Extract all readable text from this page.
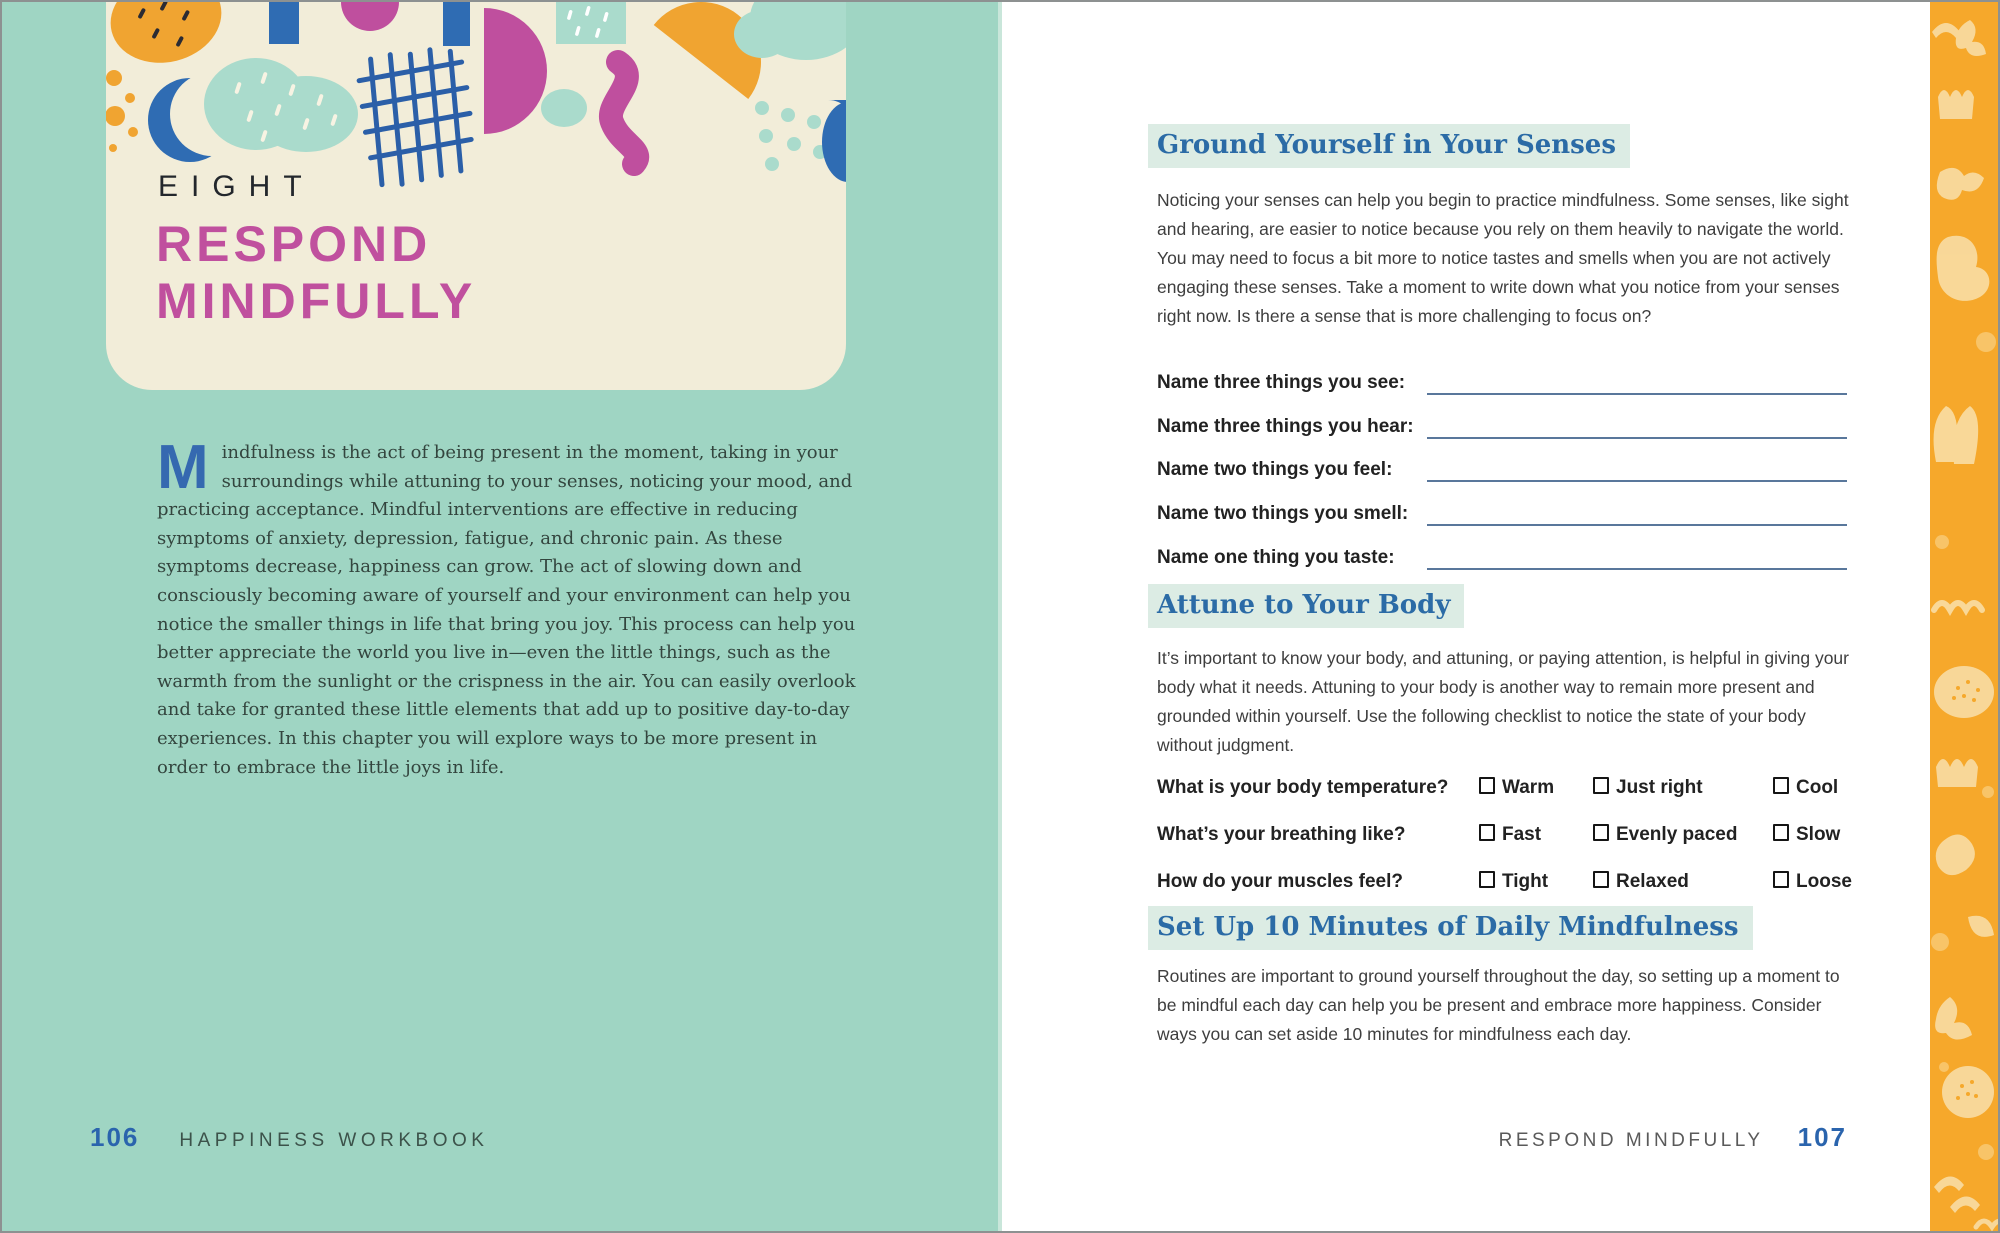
EIGHT
RESPOND
MINDFULLY
Mindfulness is the act of being present in the moment, taking in your surroundings while attuning to your senses, noticing your mood, and practicing acceptance. Mindful interventions are effective in reducing symptoms of anxiety, depression, fatigue, and chronic pain. As these symptoms decrease, happiness can grow. The act of slowing down and consciously becoming aware of yourself and your environment can help you notice the smaller things in life that bring you joy. This process can help you better appreciate the world you live in—even the little things, such as the warmth from the sunlight or the crispness in the air. You can easily overlook and take for granted these little elements that add up to positive day-to-day experiences. In this chapter you will explore ways to be more present in order to embrace the little joys in life.
106 HAPPINESS WORKBOOK
Ground Yourself in Your Senses
Noticing your senses can help you begin to practice mindfulness. Some senses, like sight and hearing, are easier to notice because you rely on them heavily to navigate the world. You may need to focus a bit more to notice tastes and smells when you are not actively engaging these senses. Take a moment to write down what you notice from your senses right now. Is there a sense that is more challenging to focus on?
Name three things you see:
Name three things you hear:
Name two things you feel:
Name two things you smell:
Name one thing you taste:
Attune to Your Body
It’s important to know your body, and attuning, or paying attention, is helpful in giving your body what it needs. Attuning to your body is another way to remain more present and grounded within yourself. Use the following checklist to notice the state of your body without judgment.
What is your body temperature?	Warm	Just right	Cool
What’s your breathing like?	Fast	Evenly paced	Slow
How do your muscles feel?	Tight	Relaxed	Loose
Set Up 10 Minutes of Daily Mindfulness
Routines are important to ground yourself throughout the day, so setting up a moment to be mindful each day can help you be present and embrace more happiness. Consider ways you can set aside 10 minutes for mindfulness each day.
RESPOND MINDFULLY 107
